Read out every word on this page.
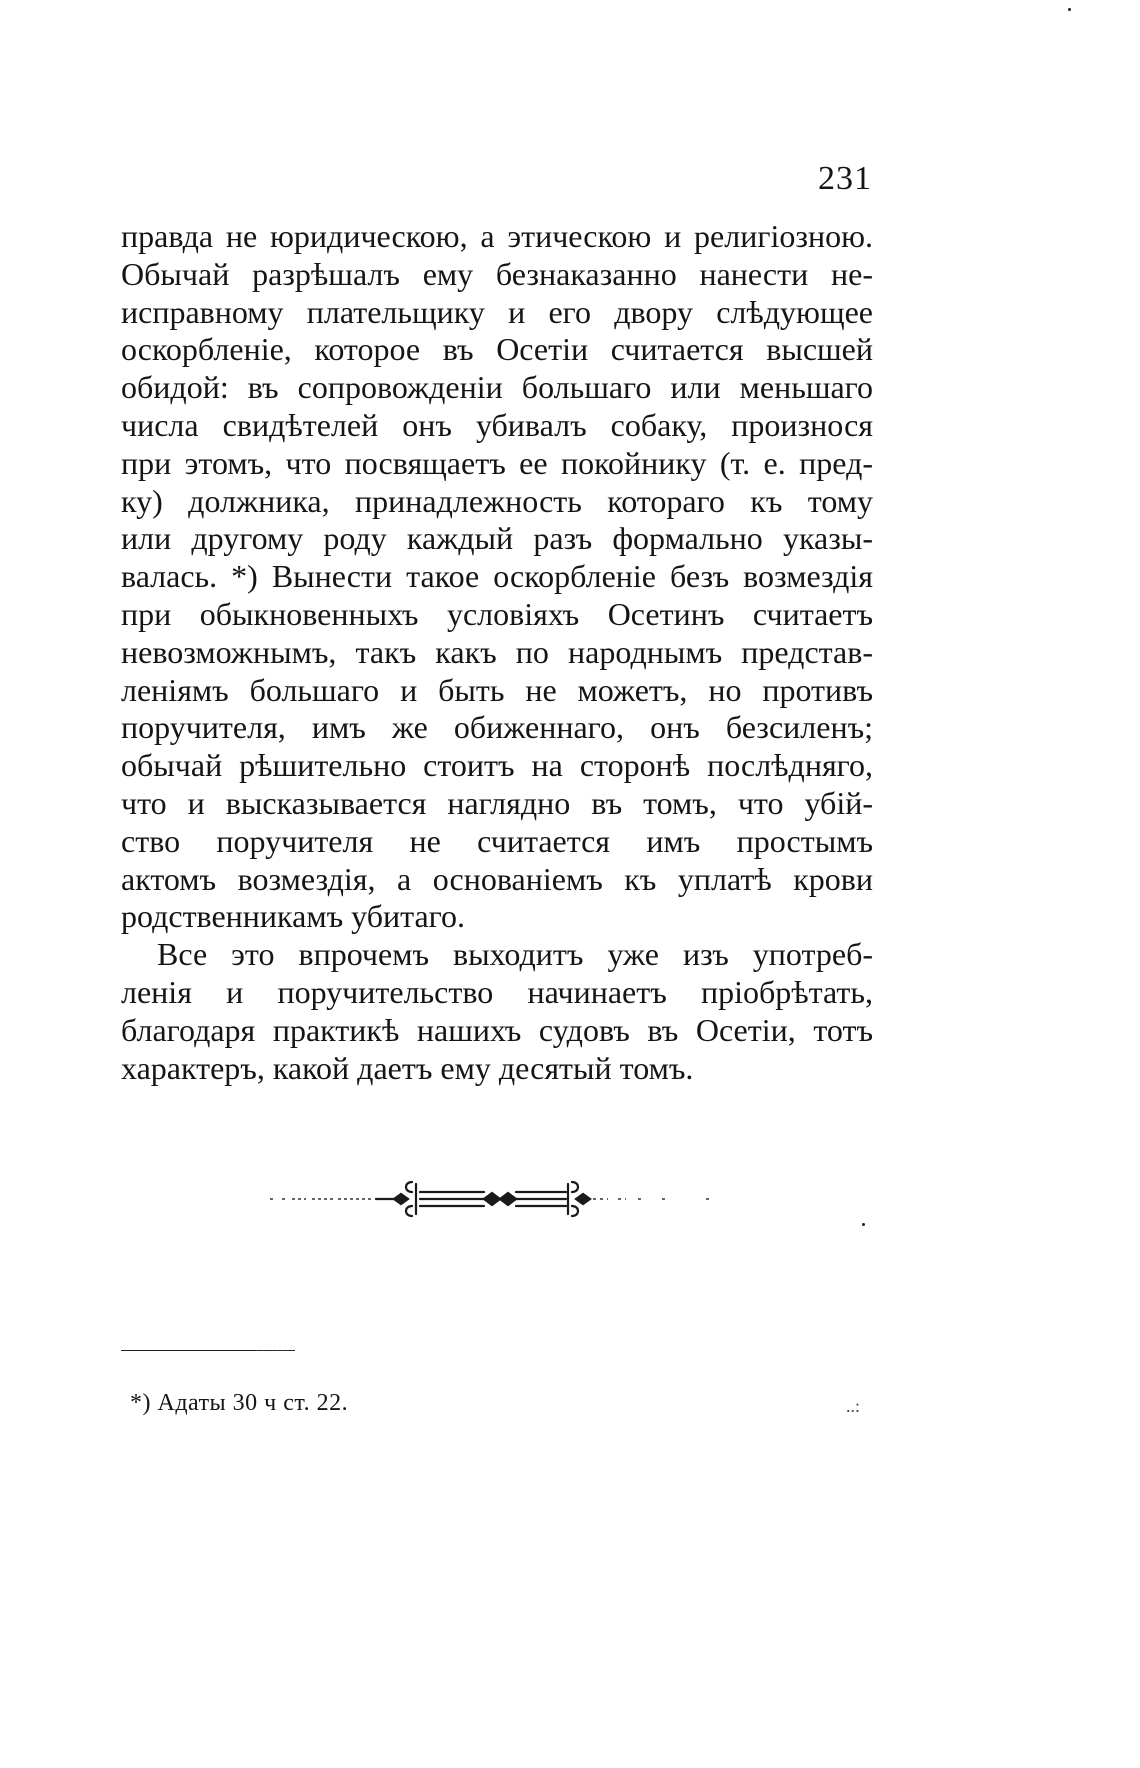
231
правда не юридическою, а этическою и религiозною.
Обычай разрѣшалъ ему безнаказанно нанести не-
исправному плательщику и его двору слѣдующее
оскорбленiе, которое въ Осетiи считается высшей
обидой: въ сопровожденiи большаго или меньшаго
числа свидѣтелей онъ убивалъ собаку, произнося
при этомъ, что посвящаетъ ее покойнику (т. е. пред-
ку) должника, принадлежность котораго къ тому
или другому роду каждый разъ формально указы-
валась. *) Вынести такое оскорбленiе безъ возмездiя
при обыкновенныхъ условiяхъ Осетинъ считаетъ
невозможнымъ, такъ какъ по народнымъ представ-
ленiямъ большаго и быть не можетъ, но противъ
поручителя, имъ же обиженнаго, онъ безсиленъ;
обычай рѣшительно стоитъ на сторонѣ послѣдняго,
что и высказывается наглядно въ томъ, что убiй-
ство поручителя не считается имъ простымъ
актомъ возмездiя, а основанiемъ къ уплатѣ крови
родственникамъ убитаго.
Все это впрочемъ выходитъ уже изъ употреб-
ленiя и поручительство начинаетъ прiобрѣтать,
благодаря практикѣ нашихъ судовъ въ Осетiи, тотъ
характеръ, какой даетъ ему десятый томъ.
*) Адаты 30 ч ст. 22.	..:
